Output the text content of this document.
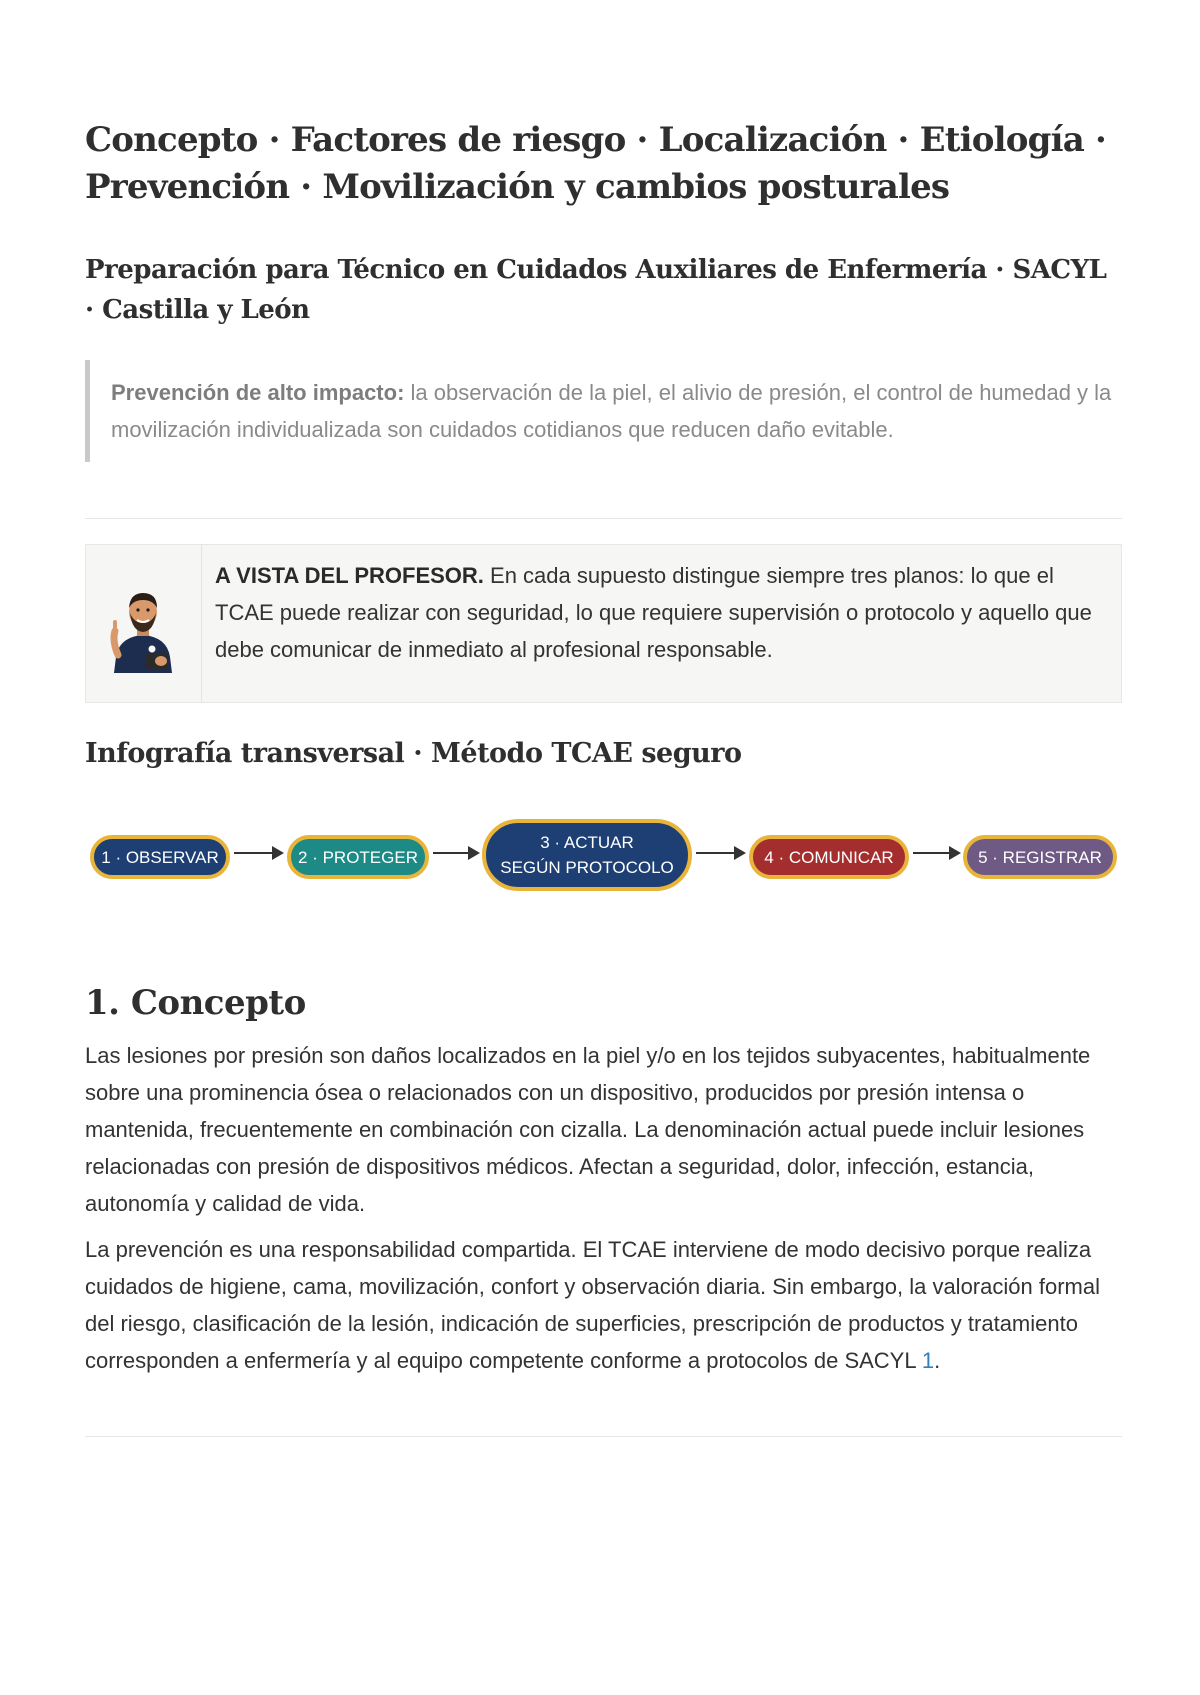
Concepto · Factores de riesgo · Localización · Etiología · Prevención · Movilización y cambios posturales
Preparación para Técnico en Cuidados Auxiliares de Enfermería · SACYL · Castilla y León
Prevención de alto impacto: la observación de la piel, el alivio de presión, el control de humedad y la movilización individualizada son cuidados cotidianos que reducen daño evitable.
A VISTA DEL PROFESOR. En cada supuesto distingue siempre tres planos: lo que el TCAE puede realizar con seguridad, lo que requiere supervisión o protocolo y aquello que debe comunicar de inmediato al profesional responsable.
Infografía transversal · Método TCAE seguro
1 · OBSERVAR	2 · PROTEGER
3 · ACTUAR
SEGÚN PROTOCOLO
4 · COMUNICAR	5 · REGISTRAR
1. Concepto

Las lesiones por presión son daños localizados en la piel y/o en los tejidos subyacentes, habitualmente sobre una prominencia ósea o relacionados con un dispositivo, producidos por presión intensa o mantenida, frecuentemente en combinación con cizalla. La denominación actual puede incluir lesiones relacionadas con presión de dispositivos médicos. Afectan a seguridad, dolor, infección, estancia, autonomía y calidad de vida.

La prevención es una responsabilidad compartida. El TCAE interviene de modo decisivo porque realiza cuidados de higiene, cama, movilización, confort y observación diaria. Sin embargo, la valoración formal del riesgo, clasificación de la lesión, indicación de superficies, prescripción de productos y tratamiento corresponden a enfermería y al equipo competente conforme a protocolos de SACYL 1.
